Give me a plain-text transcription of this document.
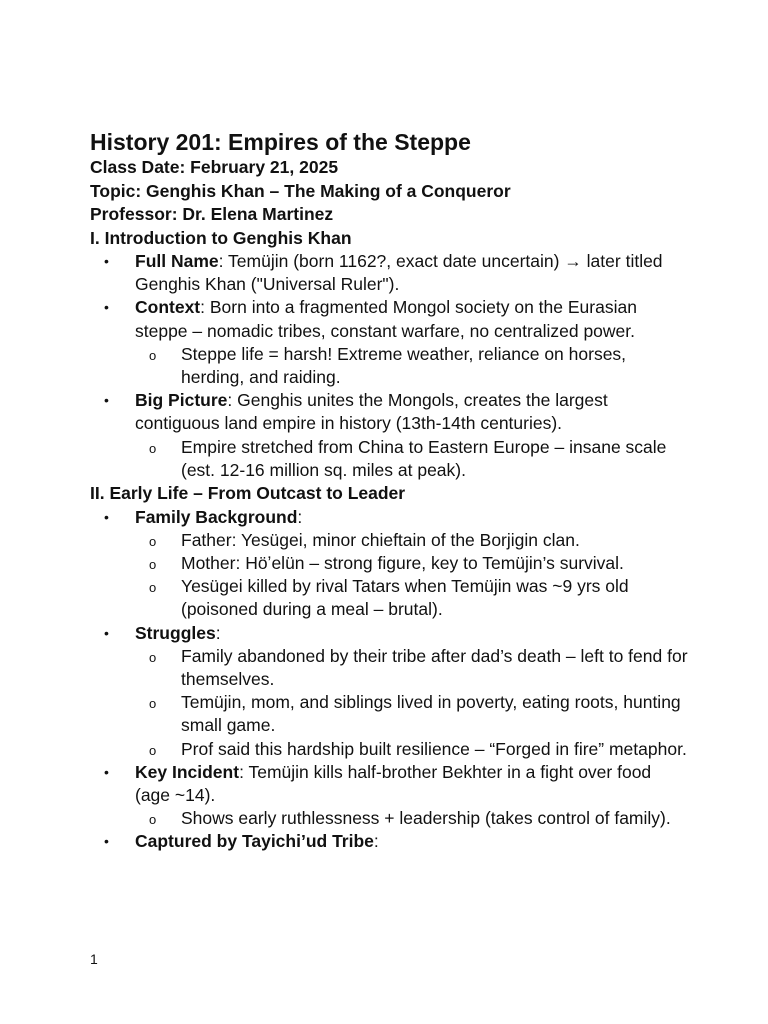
History 201: Empires of the Steppe
Class Date: February 21, 2025
Topic: Genghis Khan – The Making of a Conqueror
Professor: Dr. Elena Martinez
I. Introduction to Genghis Khan
• Full Name: Temüjin (born 1162?, exact date uncertain) → later titled Genghis Khan ("Universal Ruler").
• Context: Born into a fragmented Mongol society on the Eurasian steppe – nomadic tribes, constant warfare, no centralized power.
o Steppe life = harsh! Extreme weather, reliance on horses, herding, and raiding.
• Big Picture: Genghis unites the Mongols, creates the largest contiguous land empire in history (13th-14th centuries).
o Empire stretched from China to Eastern Europe – insane scale (est. 12-16 million sq. miles at peak).
II. Early Life – From Outcast to Leader
• Family Background:
o Father: Yesügei, minor chieftain of the Borjigin clan.
o Mother: Höʼelün – strong figure, key to Temüjin’s survival.
o Yesügei killed by rival Tatars when Temüjin was ~9 yrs old (poisoned during a meal – brutal).
• Struggles:
o Family abandoned by their tribe after dad’s death – left to fend for themselves.
o Temüjin, mom, and siblings lived in poverty, eating roots, hunting small game.
o Prof said this hardship built resilience – “Forged in fire” metaphor.
• Key Incident: Temüjin kills half-brother Bekhter in a fight over food (age ~14).
o Shows early ruthlessness + leadership (takes control of family).
• Captured by Tayichi’ud Tribe:
1
